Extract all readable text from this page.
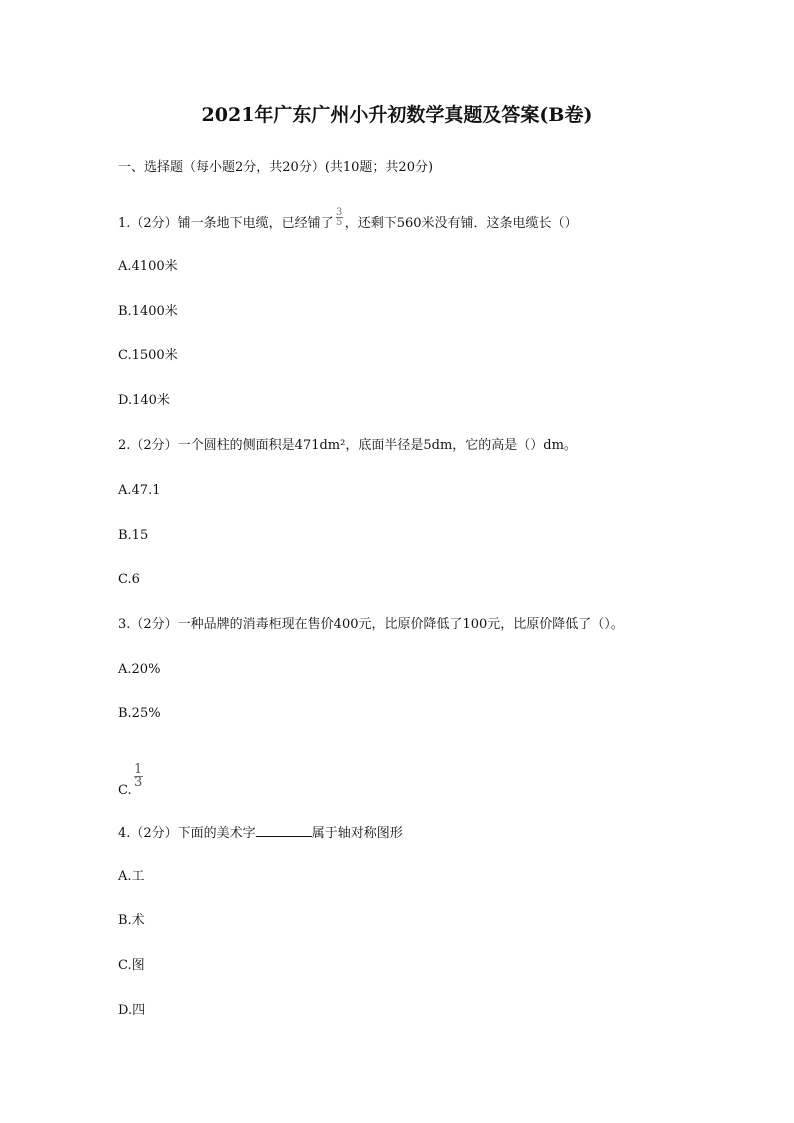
2021年广东广州小升初数学真题及答案(B卷)
一、选择题（每小题2分，共20分）(共10题；共20分)
1.（2分）铺一条地下电缆，已经铺了 $\frac{3}{5}$ ，还剩下560米没有铺．这条电缆长（）
A.4100米
B.1400米
C.1500米
D.140米
2.（2分）一个圆柱的侧面积是471dm²，底面半径是5dm，它的高是（）dm。
A.47.1
B.15
C.6
3.（2分）一种品牌的消毒柜现在售价400元，比原价降低了100元，比原价降低了（）。
A.20%
B.25%
C.
$\frac{1}{3}$
4.（2分）下面的美术字	属于轴对称图形
A.工
B.术
C.图
D.四
